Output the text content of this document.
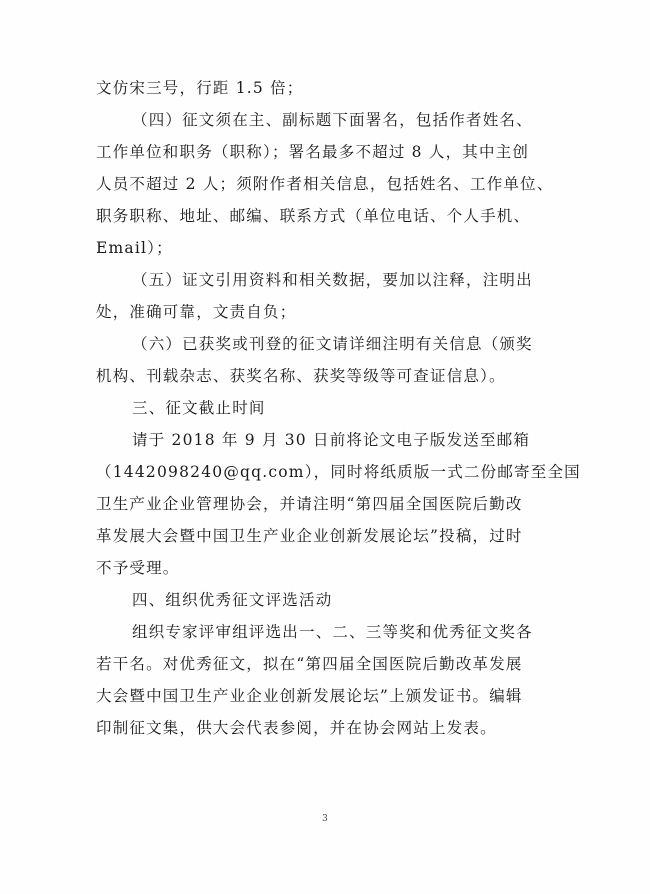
文仿宋三号，行距 1.5 倍；
（四）征文须在主、副标题下面署名，包括作者姓名、
工作单位和职务（职称）；署名最多不超过 8 人，其中主创
人员不超过 2 人；须附作者相关信息，包括姓名、工作单位、
职务职称、地址、邮编、联系方式（单位电话、个人手机、
Email）；
（五）证文引用资料和相关数据，要加以注释，注明出
处，准确可靠，文责自负；
（六）已获奖或刊登的征文请详细注明有关信息（颁奖
机构、刊载杂志、获奖名称、获奖等级等可查证信息）。
三、征文截止时间
请于 2018 年 9 月 30 日前将论文电子版发送至邮箱
（1442098240@qq.com），同时将纸质版一式二份邮寄至全国
卫生产业企业管理协会，并请注明“第四届全国医院后勤改
革发展大会暨中国卫生产业企业创新发展论坛”投稿，过时
不予受理。
四、组织优秀征文评选活动
组织专家评审组评选出一、二、三等奖和优秀征文奖各
若干名。对优秀征文，拟在“第四届全国医院后勤改革发展
大会暨中国卫生产业企业创新发展论坛”上颁发证书。编辑
印制征文集，供大会代表参阅，并在协会网站上发表。
3
